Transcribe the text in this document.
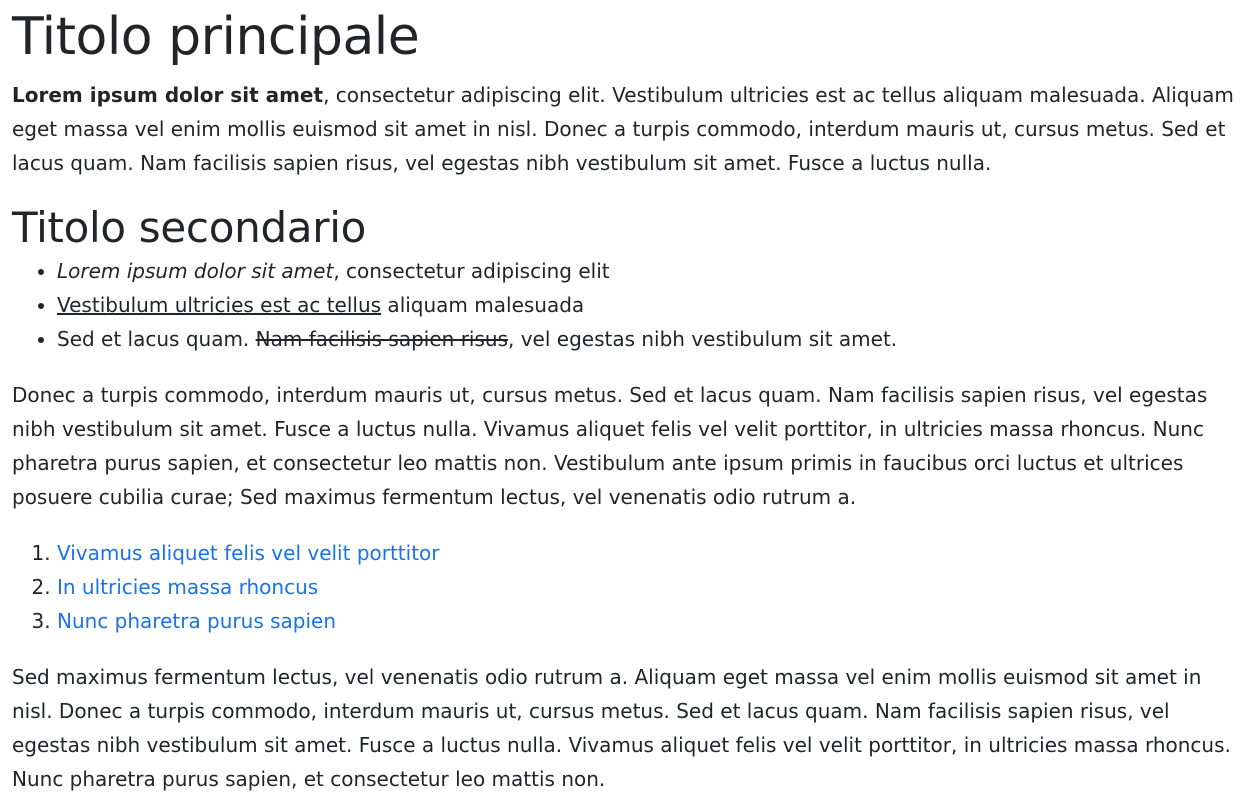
Titolo principale

Lorem ipsum dolor sit amet, consectetur adipiscing elit. Vestibulum ultricies est ac tellus aliquam malesuada. Aliquam eget massa vel enim mollis euismod sit amet in nisl. Donec a turpis commodo, interdum mauris ut, cursus metus. Sed et lacus quam. Nam facilisis sapien risus, vel egestas nibh vestibulum sit amet. Fusce a luctus nulla.

Titolo secondario
• Lorem ipsum dolor sit amet, consectetur adipiscing elit
• Vestibulum ultricies est ac tellus aliquam malesuada
• Sed et lacus quam. Nam facilisis sapien risus, vel egestas nibh vestibulum sit amet.

Donec a turpis commodo, interdum mauris ut, cursus metus. Sed et lacus quam. Nam facilisis sapien risus, vel egestas nibh vestibulum sit amet. Fusce a luctus nulla. Vivamus aliquet felis vel velit porttitor, in ultricies massa rhoncus. Nunc pharetra purus sapien, et consectetur leo mattis non. Vestibulum ante ipsum primis in faucibus orci luctus et ultrices posuere cubilia curae; Sed maximus fermentum lectus, vel venenatis odio rutrum a.

1. Vivamus aliquet felis vel velit porttitor
2. In ultricies massa rhoncus
3. Nunc pharetra purus sapien

Sed maximus fermentum lectus, vel venenatis odio rutrum a. Aliquam eget massa vel enim mollis euismod sit amet in nisl. Donec a turpis commodo, interdum mauris ut, cursus metus. Sed et lacus quam. Nam facilisis sapien risus, vel egestas nibh vestibulum sit amet. Fusce a luctus nulla. Vivamus aliquet felis vel velit porttitor, in ultricies massa rhoncus. Nunc pharetra purus sapien, et consectetur leo mattis non.
